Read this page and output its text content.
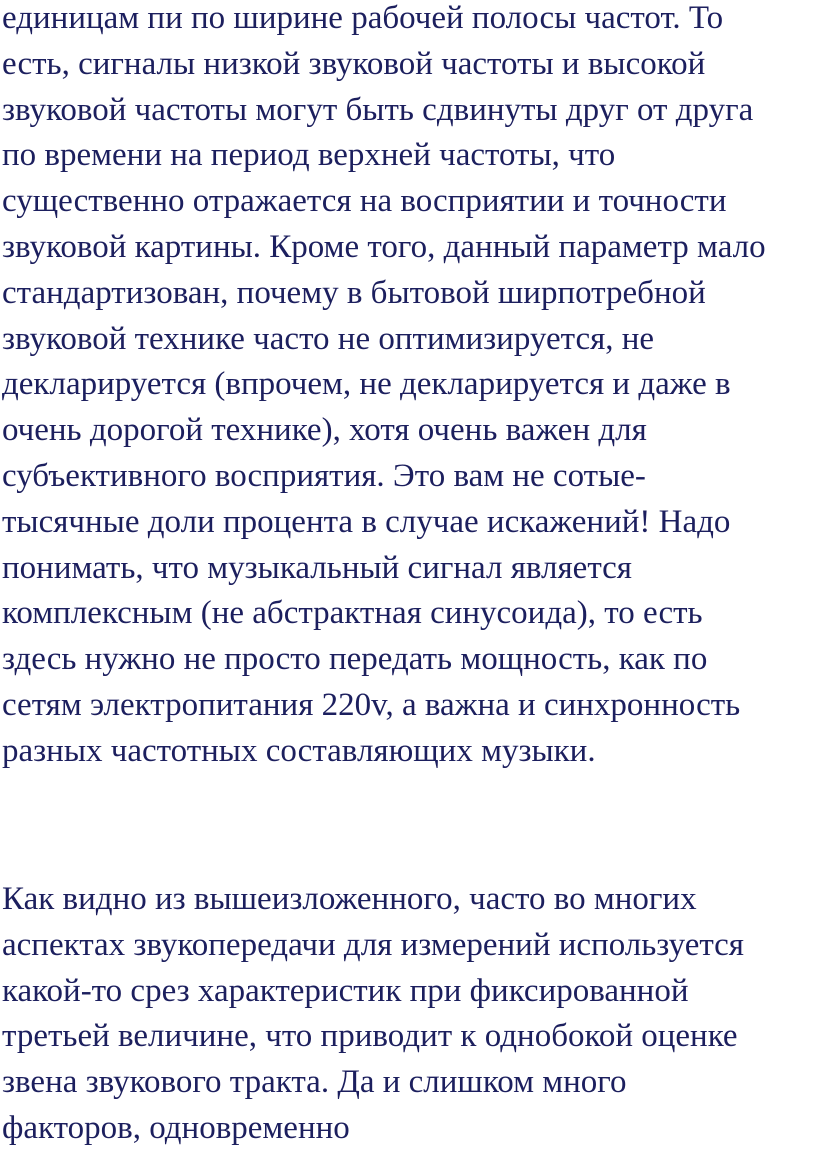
единицам пи по ширине рабочей полосы частот. То
есть, сигналы низкой звуковой частоты и высокой
звуковой частоты могут быть сдвинуты друг от друга
по времени на период верхней частоты, что
существенно отражается на восприятии и точности
звуковой картины. Кроме того, данный параметр мало
стандартизован, почему в бытовой ширпотребной
звуковой технике часто не оптимизируется, не
декларируется (впрочем, не декларируется и даже в
очень дорогой технике), хотя очень важен для
субъективного восприятия. Это вам не сотые-
тысячные доли процента в случае искажений! Надо
понимать, что музыкальный сигнал является
комплексным (не абстрактная синусоида), то есть
здесь нужно не просто передать мощность, как по
сетям электропитания 220v, а важна и синхронность
разных частотных составляющих музыки.
Как видно из вышеизложенного, часто во многих
аспектах звукопередачи для измерений используется
какой-то срез характеристик при фиксированной
третьей величине, что приводит к однобокой оценке
звена звукового тракта. Да и слишком много
факторов, одновременно
